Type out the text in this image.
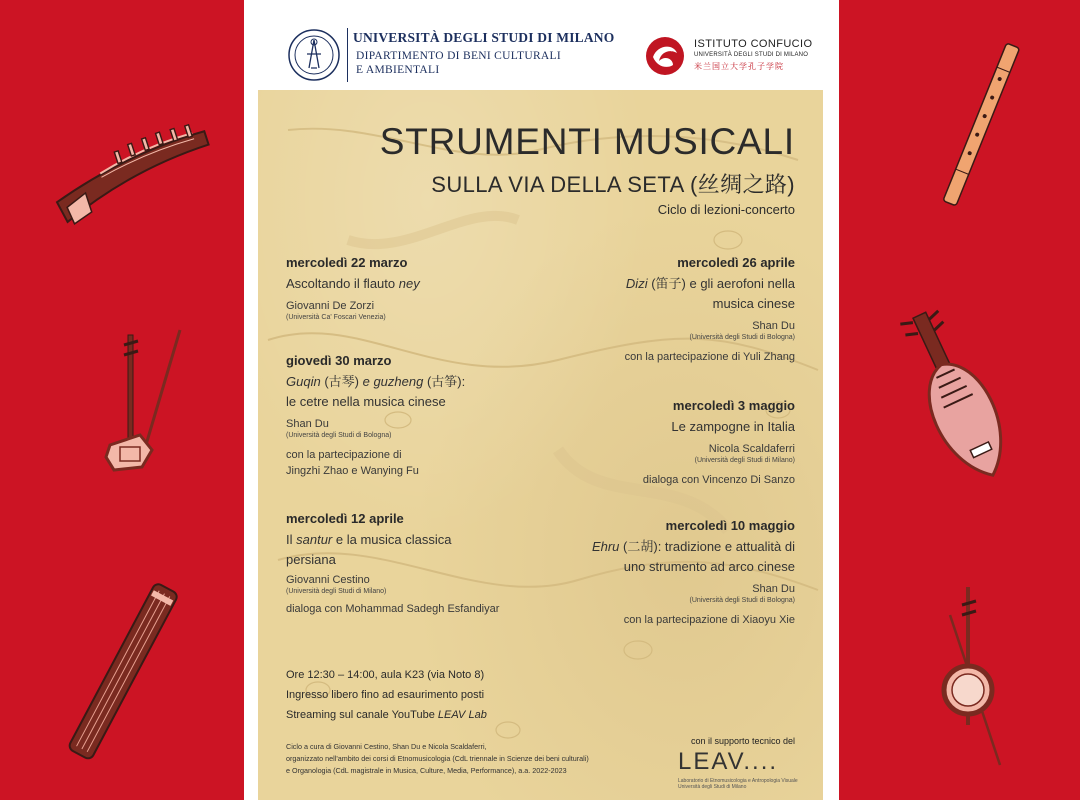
UNIVERSITÀ DEGLI STUDI DI MILANO
DIPARTIMENTO DI BENI CULTURALI
E AMBIENTALI
ISTITUTO CONFUCIO
UNIVERSITÀ DEGLI STUDI DI MILANO
米兰国立大学孔子学院
STRUMENTI MUSICALI
SULLA VIA DELLA SETA (丝绸之路)
Ciclo di lezioni-concerto
mercoledì 22 marzo
Ascoltando il flauto ney
Giovanni De Zorzi
(Università Ca' Foscari Venezia)
giovedì 30 marzo
Guqin (古琴) e guzheng (古筝):
le cetre nella musica cinese
Shan Du
(Università degli Studi di Bologna)
con la partecipazione di
Jingzhi Zhao e Wanying Fu
mercoledì 12 aprile
Il santur e la musica classica
persiana
Giovanni Cestino
(Università degli Studi di Milano)
dialoga con Mohammad Sadegh Esfandiyar
mercoledì 26 aprile
Dizi (笛子) e gli aerofoni nella
musica cinese
Shan Du
(Università degli Studi di Bologna)
con la partecipazione di Yuli Zhang
mercoledì 3 maggio
Le zampogne in Italia
Nicola Scaldaferri
(Università degli Studi di Milano)
dialoga con Vincenzo Di Sanzo
mercoledì 10 maggio
Ehru (二胡): tradizione e attualità di
uno strumento ad arco cinese
Shan Du
(Università degli Studi di Bologna)
con la partecipazione di Xiaoyu Xie
Ore 12:30 – 14:00, aula K23 (via Noto 8)
Ingresso libero fino ad esaurimento posti
Streaming sul canale YouTube LEAV Lab
Ciclo a cura di Giovanni Cestino, Shan Du e Nicola Scaldaferri,
organizzato nell'ambito dei corsi di Etnomusicologia (CdL triennale in Scienze dei beni culturali)
e Organologia (CdL magistrale in Musica, Culture, Media, Performance), a.a. 2022-2023
con il supporto tecnico del
LEAV....
Laboratorio di Etnomusicologia e Antropologia Visuale
Università degli Studi di Milano
